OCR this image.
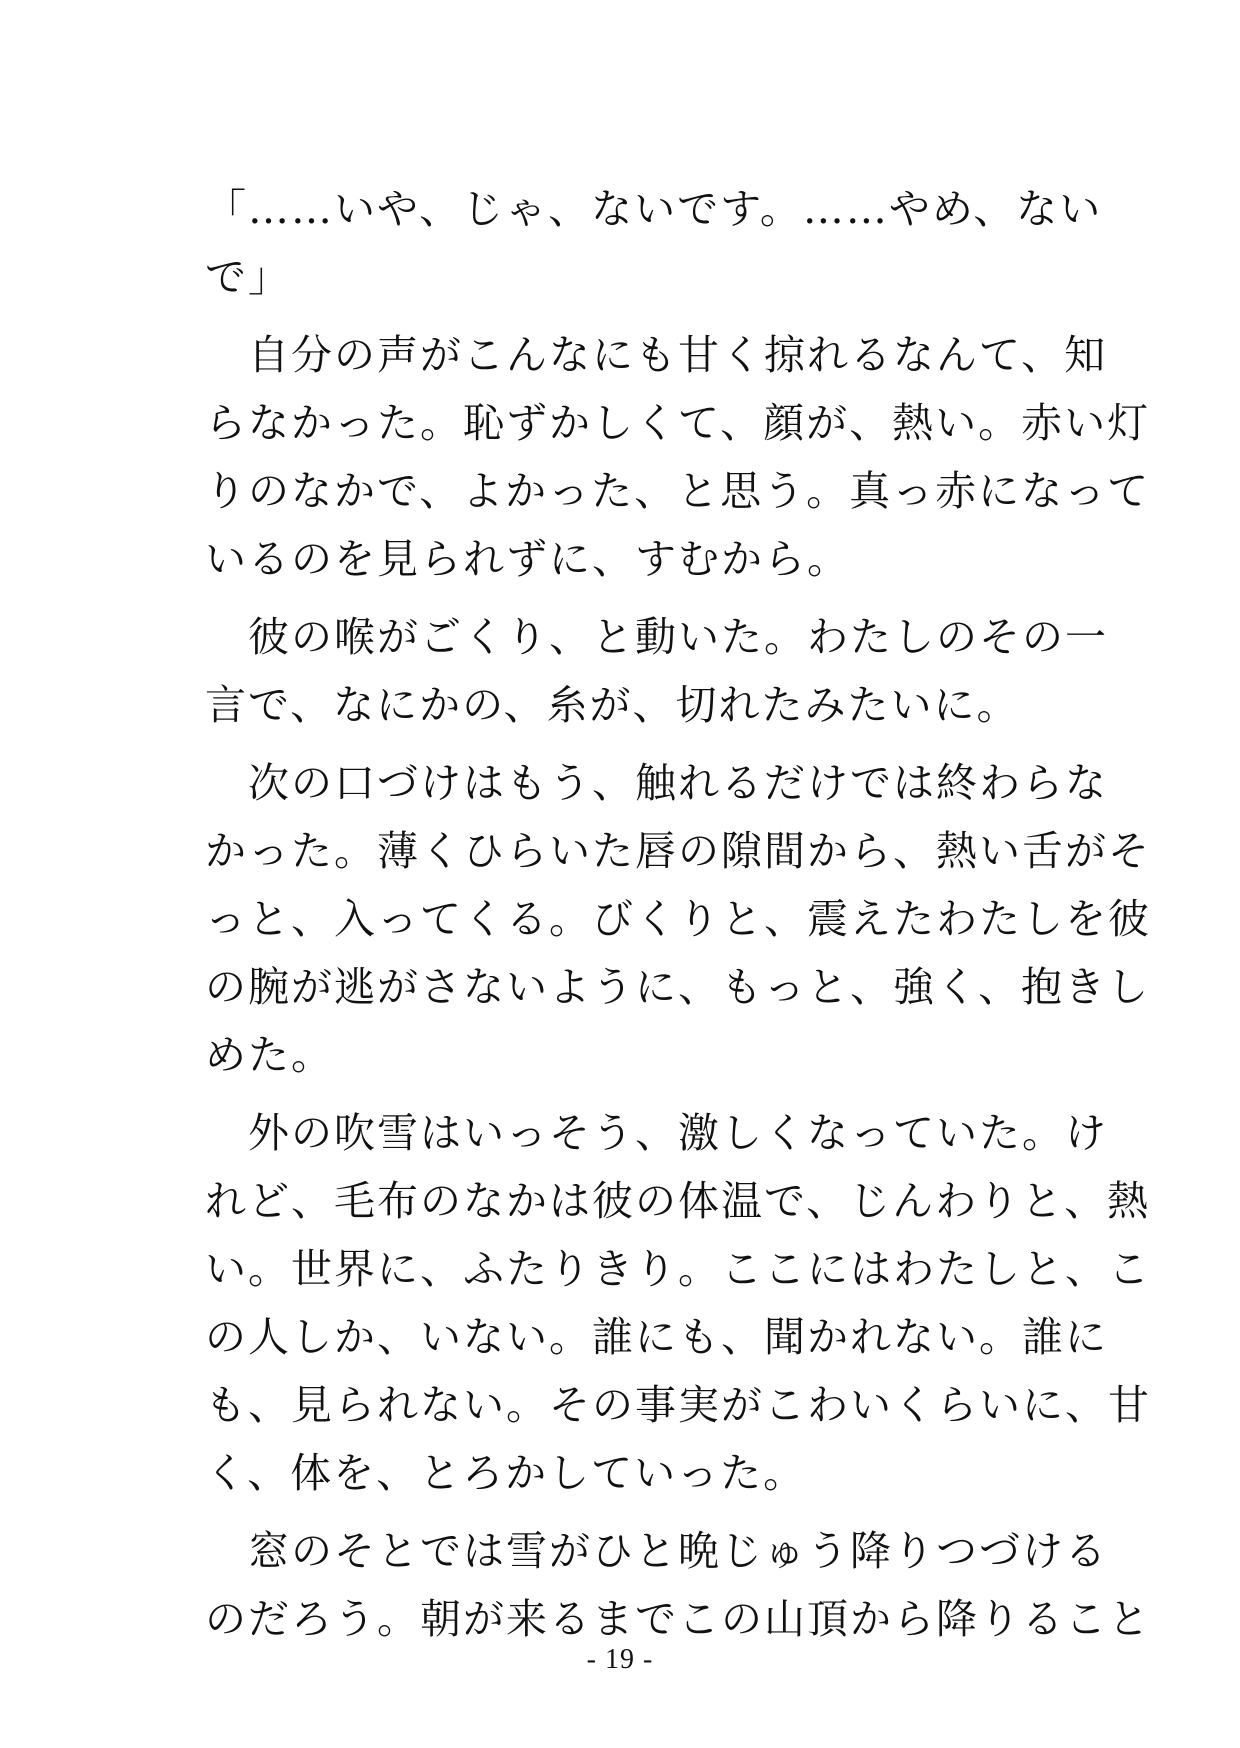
「……いや、じゃ、ないです。……やめ、ない
で」
　自分の声がこんなにも甘く掠れるなんて、知
らなかった。恥ずかしくて、顔が、熱い。赤い灯
りのなかで、よかった、と思う。真っ赤になって
いるのを見られずに、すむから。
　彼の喉がごくり、と動いた。わたしのその一
言で、なにかの、糸が、切れたみたいに。
　次の口づけはもう、触れるだけでは終わらな
かった。薄くひらいた唇の隙間から、熱い舌がそ
っと、入ってくる。びくりと、震えたわたしを彼
の腕が逃がさないように、もっと、強く、抱きし
めた。
　外の吹雪はいっそう、激しくなっていた。け
れど、毛布のなかは彼の体温で、じんわりと、熱
い。世界に、ふたりきり。ここにはわたしと、こ
の人しか、いない。誰にも、聞かれない。誰に
も、見られない。その事実がこわいくらいに、甘
く、体を、とろかしていった。
　窓のそとでは雪がひと晩じゅう降りつづける
のだろう。朝が来るまでこの山頂から降りること
- 19 -
